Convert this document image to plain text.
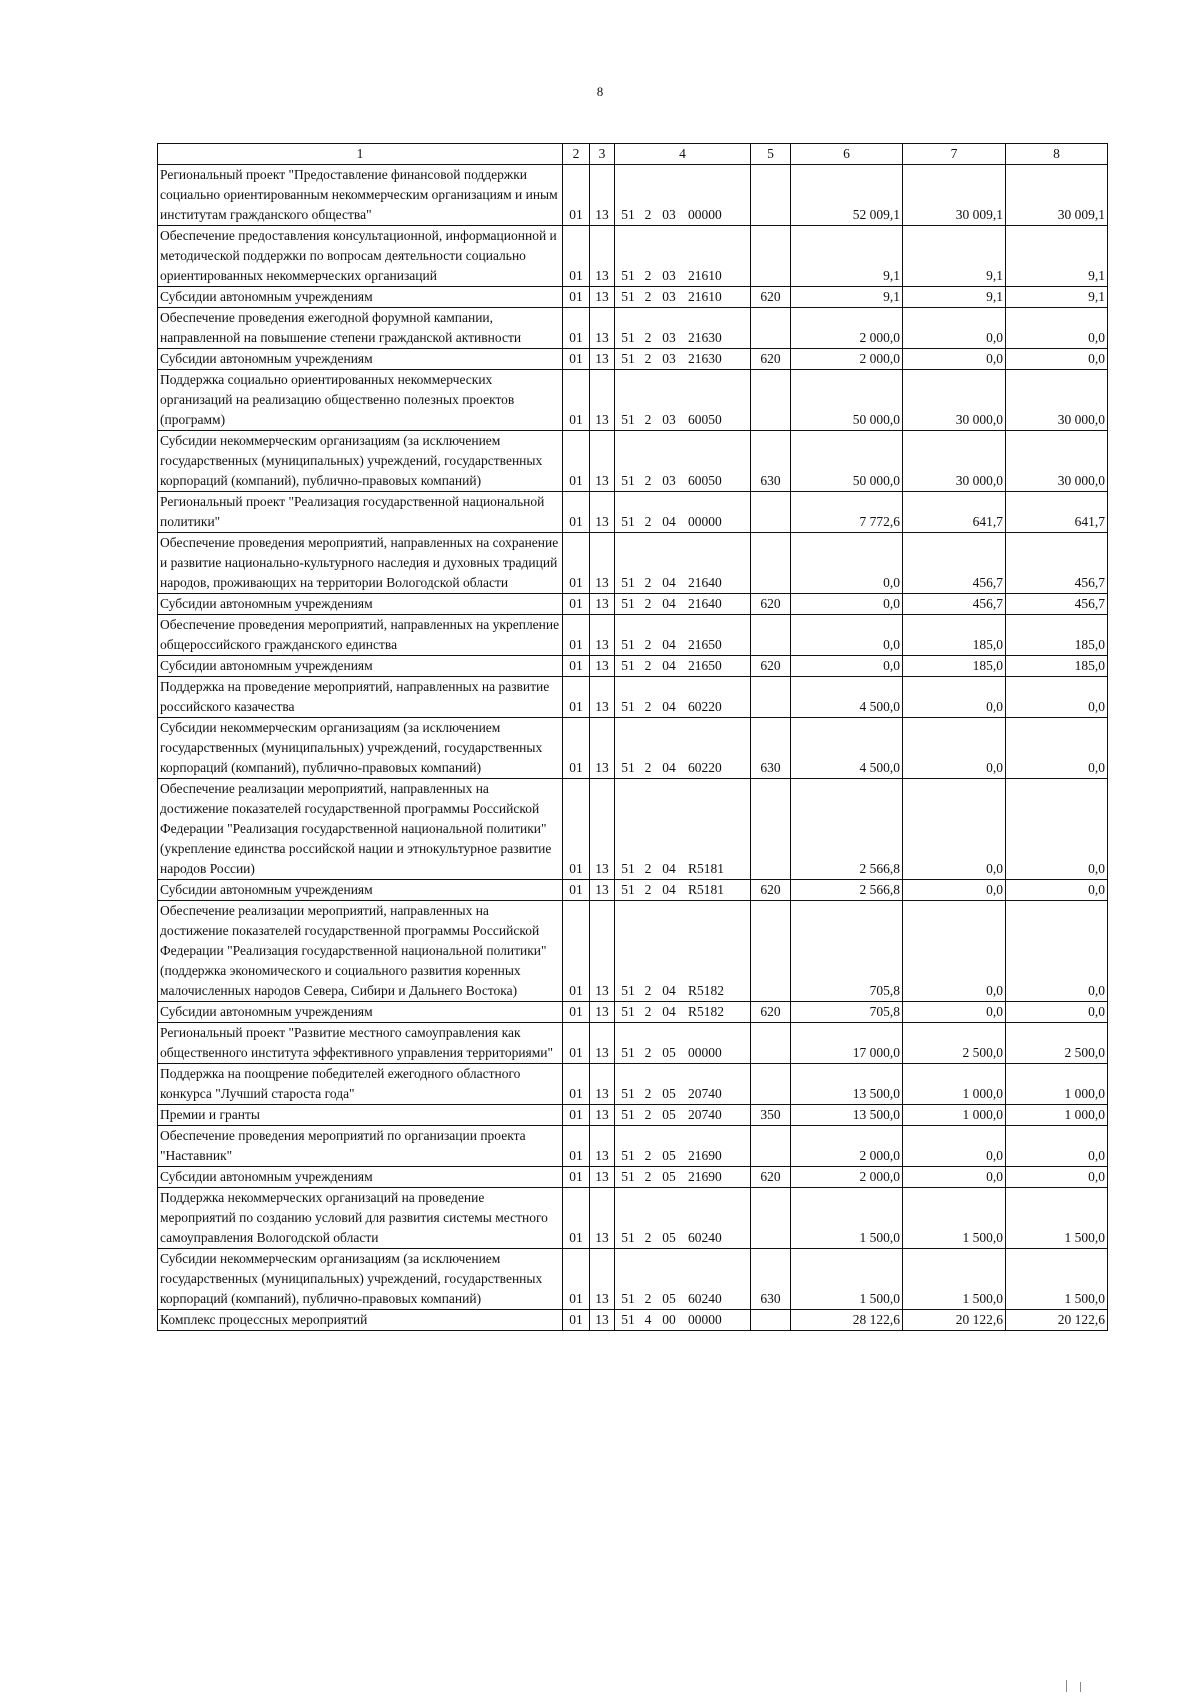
8
1	2	3	4	5	6	7	8
Региональный проект "Предоставление финансовой поддержки социально ориентированным некоммерческим организациям и иным институтам гражданского общества"	01	13	51 2 03 00000		52 009,1	30 009,1	30 009,1
Обеспечение предоставления консультационной, информационной и методической поддержки по вопросам деятельности социально ориентированных некоммерческих организаций	01	13	51 2 03 21610		9,1	9,1	9,1
Субсидии автономным учреждениям	01	13	51 2 03 21610	620	9,1	9,1	9,1
Обеспечение проведения ежегодной форумной кампании, направленной на повышение степени гражданской активности	01	13	51 2 03 21630		2 000,0	0,0	0,0
Субсидии автономным учреждениям	01	13	51 2 03 21630	620	2 000,0	0,0	0,0
Поддержка социально ориентированных некоммерческих организаций на реализацию общественно полезных проектов (программ)	01	13	51 2 03 60050		50 000,0	30 000,0	30 000,0
Субсидии некоммерческим организациям (за исключением государственных (муниципальных) учреждений, государственных корпораций (компаний), публично-правовых компаний)	01	13	51 2 03 60050	630	50 000,0	30 000,0	30 000,0
Региональный проект "Реализация государственной национальной политики"	01	13	51 2 04 00000		7 772,6	641,7	641,7
Обеспечение проведения мероприятий, направленных на сохранение и развитие национально-культурного наследия и духовных традиций народов, проживающих на территории Вологодской области	01	13	51 2 04 21640		0,0	456,7	456,7
Субсидии автономным учреждениям	01	13	51 2 04 21640	620	0,0	456,7	456,7
Обеспечение проведения мероприятий, направленных на укрепление общероссийского гражданского единства	01	13	51 2 04 21650		0,0	185,0	185,0
Субсидии автономным учреждениям	01	13	51 2 04 21650	620	0,0	185,0	185,0
Поддержка на проведение мероприятий, направленных на развитие российского казачества	01	13	51 2 04 60220		4 500,0	0,0	0,0
Субсидии некоммерческим организациям (за исключением государственных (муниципальных) учреждений, государственных корпораций (компаний), публично-правовых компаний)	01	13	51 2 04 60220	630	4 500,0	0,0	0,0
Обеспечение реализации мероприятий, направленных на достижение показателей государственной программы Российской Федерации "Реализация государственной национальной политики" (укрепление единства российской нации и этнокультурное развитие народов России)	01	13	51 2 04 R5181		2 566,8	0,0	0,0
Субсидии автономным учреждениям	01	13	51 2 04 R5181	620	2 566,8	0,0	0,0
Обеспечение реализации мероприятий, направленных на достижение показателей государственной программы Российской Федерации "Реализация государственной национальной политики" (поддержка экономического и социального развития коренных малочисленных народов Севера, Сибири и Дальнего Востока)	01	13	51 2 04 R5182		705,8	0,0	0,0
Субсидии автономным учреждениям	01	13	51 2 04 R5182	620	705,8	0,0	0,0
Региональный проект "Развитие местного самоуправления как общественного института эффективного управления территориями"	01	13	51 2 05 00000		17 000,0	2 500,0	2 500,0
Поддержка на поощрение победителей ежегодного областного конкурса "Лучший староста года"	01	13	51 2 05 20740		13 500,0	1 000,0	1 000,0
Премии и гранты	01	13	51 2 05 20740	350	13 500,0	1 000,0	1 000,0
Обеспечение проведения мероприятий по организации проекта "Наставник"	01	13	51 2 05 21690		2 000,0	0,0	0,0
Субсидии автономным учреждениям	01	13	51 2 05 21690	620	2 000,0	0,0	0,0
Поддержка некоммерческих организаций на проведение мероприятий по созданию условий для развития системы местного самоуправления Вологодской области	01	13	51 2 05 60240		1 500,0	1 500,0	1 500,0
Субсидии некоммерческим организациям (за исключением государственных (муниципальных) учреждений, государственных корпораций (компаний), публично-правовых компаний)	01	13	51 2 05 60240	630	1 500,0	1 500,0	1 500,0
Комплекс процессных мероприятий	01	13	51 4 00 00000		28 122,6	20 122,6	20 122,6
